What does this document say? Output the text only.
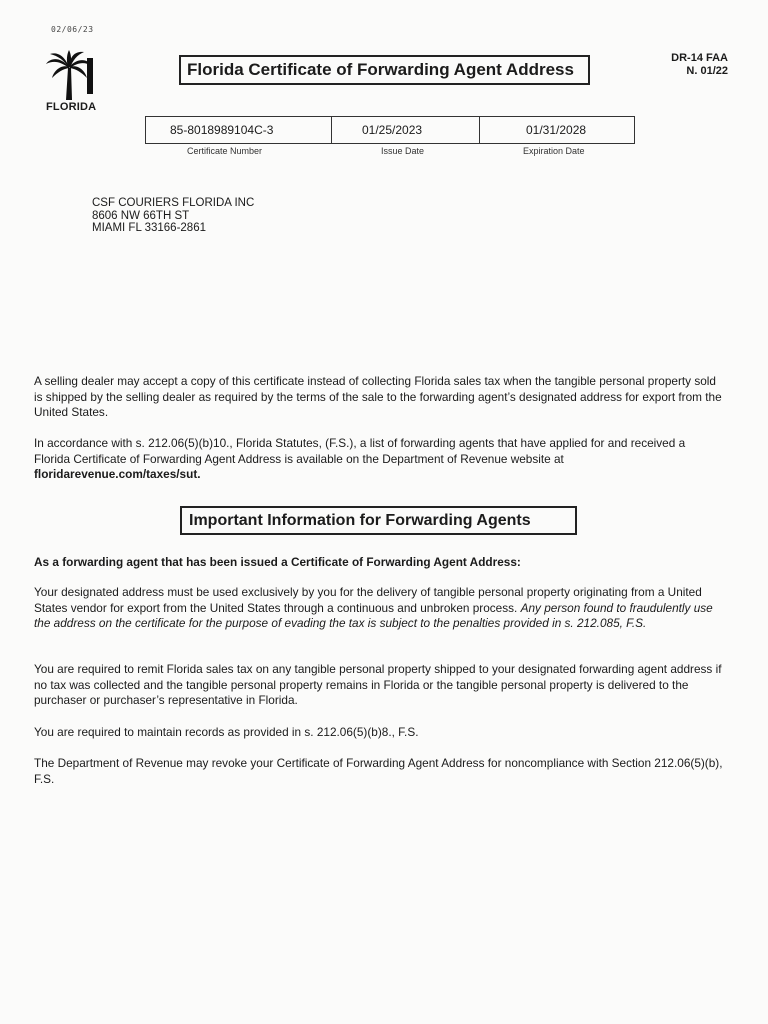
02/06/23
FLORIDA
Florida Certificate of Forwarding Agent Address
DR-14 FAA
N. 01/22
85-8018989104C-3	01/25/2023	01/31/2028
Certificate Number	Issue Date	Expiration Date
CSF COURIERS FLORIDA INC
8606 NW 66TH ST
MIAMI FL 33166-2861
A selling dealer may accept a copy of this certificate instead of collecting Florida sales tax when the tangible personal property sold is shipped by the selling dealer as required by the terms of the sale to the forwarding agent’s designated address for export from the United States.
In accordance with s. 212.06(5)(b)10., Florida Statutes, (F.S.), a list of forwarding agents that have applied for and received a Florida Certificate of Forwarding Agent Address is available on the Department of Revenue website at floridarevenue.com/taxes/sut.
Important Information for Forwarding Agents
As a forwarding agent that has been issued a Certificate of Forwarding Agent Address:
Your designated address must be used exclusively by you for the delivery of tangible personal property originating from a United States vendor for export from the United States through a continuous and unbroken process. Any person found to fraudulently use the address on the certificate for the purpose of evading the tax is subject to the penalties provided in s. 212.085, F.S.
You are required to remit Florida sales tax on any tangible personal property shipped to your designated forwarding agent address if no tax was collected and the tangible personal property remains in Florida or the tangible personal property is delivered to the purchaser or purchaser’s representative in Florida.
You are required to maintain records as provided in s. 212.06(5)(b)8., F.S.
The Department of Revenue may revoke your Certificate of Forwarding Agent Address for noncompliance with Section 212.06(5)(b), F.S.
